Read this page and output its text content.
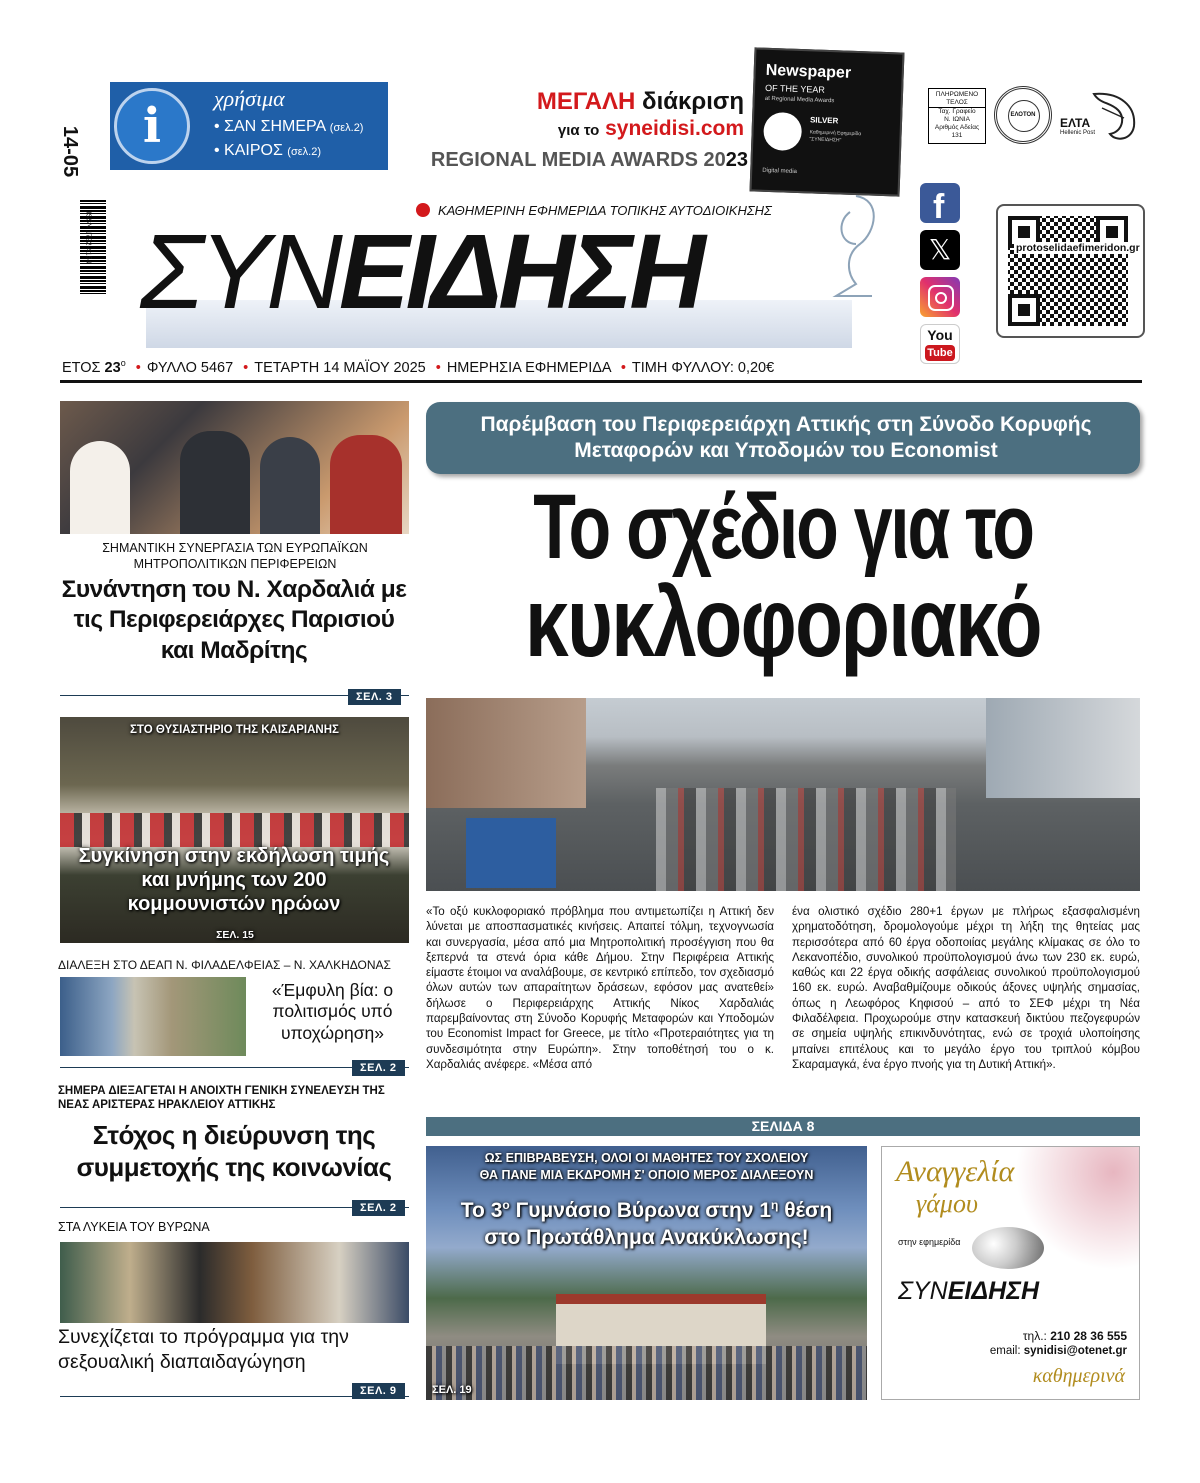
14-05
ISSN 1792-4154
i	χρήσιμα
• ΣΑΝ ΣΗΜΕΡΑ (σελ.2)
• ΚΑΙΡΟΣ (σελ.2)
ΜΕΓΑΛΗ διάκριση
για το syneidisi.com
REGIONAL MEDIA AWARDS 2023
Newspaper
OF THE YEAR
at Regional Media Awards
SILVER
Καθημερινή Εφημερίδα "ΣΥΝΕΙΔΗΣΗ"
Digital media
ΠΛΗΡΩΜΕΝΟ
ΤΕΛΟΣ
Ταχ. Γραφείο
Ν. ΙΩΝΙΑ
Αριθμός Αδείας
131
ΕΛΟΤΟΝ
ΕΛΤΑ
Hellenic Post
ΚΑΘΗΜΕΡΙΝΗ ΕΦΗΜΕΡΙΔΑ ΤΟΠΙΚΗΣ ΑΥΤΟΔΙΟΙΚΗΣΗΣ
ΣΥΝΕΙΔΗΣΗ
f
𝕏
You
Tube
protoselidaefimeridon.gr
ΕΤΟΣ $23^o$ • ΦΥΛΛΟ 5467 • ΤΕΤΑΡΤΗ 14 ΜΑΪΟΥ 2025 • ΗΜΕΡΗΣΙΑ ΕΦΗΜΕΡΙΔΑ • ΤΙΜΗ ΦΥΛΛΟΥ: 0,20€
ΣΗΜΑΝΤΙΚΗ ΣΥΝΕΡΓΑΣΙΑ ΤΩΝ ΕΥΡΩΠΑΪΚΩΝ ΜΗΤΡΟΠΟΛΙΤΙΚΩΝ ΠΕΡΙΦΕΡΕΙΩΝ
Συνάντηση του Ν. Χαρδαλιά με τις Περιφερειάρχες Παρισιού και Μαδρίτης
ΣΕΛ. 3
ΣΤΟ ΘΥΣΙΑΣΤΗΡΙΟ ΤΗΣ ΚΑΙΣΑΡΙΑΝΗΣ
Συγκίνηση στην εκδήλωση τιμής και μνήμης των 200 κομμουνιστών ηρώων
ΣΕΛ. 15
ΔΙΑΛΕΞΗ ΣΤΟ ΔΕΑΠ Ν. ΦΙΛΑΔΕΛΦΕΙΑΣ – Ν. ΧΑΛΚΗΔΟΝΑΣ
«Έμφυλη βία: ο πολιτισμός υπό υποχώρηση»
ΣΕΛ. 2
ΣΗΜΕΡΑ ΔΙΕΞΑΓΕΤΑΙ Η ΑΝΟΙΧΤΗ ΓΕΝΙΚΗ ΣΥΝΕΛΕΥΣΗ ΤΗΣ ΝΕΑΣ ΑΡΙΣΤΕΡΑΣ ΗΡΑΚΛΕΙΟΥ ΑΤΤΙΚΗΣ
Στόχος η διεύρυνση της συμμετοχής της κοινωνίας
ΣΕΛ. 2
ΣΤΑ ΛΥΚΕΙΑ ΤΟΥ ΒΥΡΩΝΑ
Συνεχίζεται το πρόγραμμα για την σεξουαλική διαπαιδαγώγηση
ΣΕΛ. 9
Παρέμβαση του Περιφερειάρχη Αττικής στη Σύνοδο Κορυφής Μεταφορών και Υποδομών του Economist
Το σχέδιο για το
κυκλοφοριακό
«Το οξύ κυκλοφοριακό πρόβλημα που αντιμετωπίζει η Αττική δεν λύνεται με αποσπασματικές κινήσεις. Απαιτεί τόλμη, τεχνογνωσία και συνεργασία, μέσα από μια Μητροπολιτική προσέγγιση που θα ξεπερνά τα στενά όρια κάθε Δήμου. Στην Περιφέρεια Αττικής είμαστε έτοιμοι να αναλάβουμε, σε κεντρικό επίπεδο, τον σχεδιασμό όλων αυτών των απαραίτητων δράσεων, εφόσον μας ανατεθεί» δήλωσε ο Περιφερειάρχης Αττικής Νίκος Χαρδαλιάς παρεμβαίνοντας στη Σύνοδο Κορυφής Μεταφορών και Υποδομών του Economist Impact for Greece, με τίτλο «Προτεραιότητες για τη συνδεσιμότητα στην Ευρώπη». Στην τοποθέτησή του ο κ. Χαρδαλιάς ανέφερε. «Μέσα από
ένα ολιστικό σχέδιο 280+1 έργων με πλήρως εξασφαλισμένη χρηματοδότηση, δρομολογούμε μέχρι τη λήξη της θητείας μας περισσότερα από 60 έργα οδοποιίας μεγάλης κλίμακας σε όλο το Λεκανοπέδιο, συνολικού προϋπολογισμού άνω των 230 εκ. ευρώ, καθώς και 22 έργα οδικής ασφάλειας συνολικού προϋπολογισμού 160 εκ. ευρώ. Αναβαθμίζουμε οδικούς άξονες υψηλής σημασίας, όπως η Λεωφόρος Κηφισού – από το ΣΕΦ μέχρι τη Νέα Φιλαδέλφεια. Προχωρούμε στην κατασκευή δικτύου πεζογεφυρών σε σημεία υψηλής επικινδυνότητας, ενώ σε τροχιά υλοποίησης μπαίνει επιτέλους και το μεγάλο έργο του τριπλού κόμβου Σκαραμαγκά, ένα έργο πνοής για τη Δυτική Αττική».
ΣΕΛΙΔΑ 8
ΩΣ ΕΠΙΒΡΑΒΕΥΣΗ, ΟΛΟΙ ΟΙ ΜΑΘΗΤΕΣ ΤΟΥ ΣΧΟΛΕΙΟΥ
ΘΑ ΠΑΝΕ ΜΙΑ ΕΚΔΡΟΜΗ Σ' ΟΠΟΙΟ ΜΕΡΟΣ ΔΙΑΛΕΞΟΥΝ
Το $3^o$ Γυμνάσιο Βύρωνα στην $1^\eta$ θέση
στο Πρωτάθλημα Ανακύκλωσης!
ΣΕΛ. 19
Αναγγελία
γάμου
στην εφημερίδα
ΣΥΝΕΙΔΗΣΗ
τηλ.: 210 28 36 555
email: synidisi@otenet.gr
καθημερινά
